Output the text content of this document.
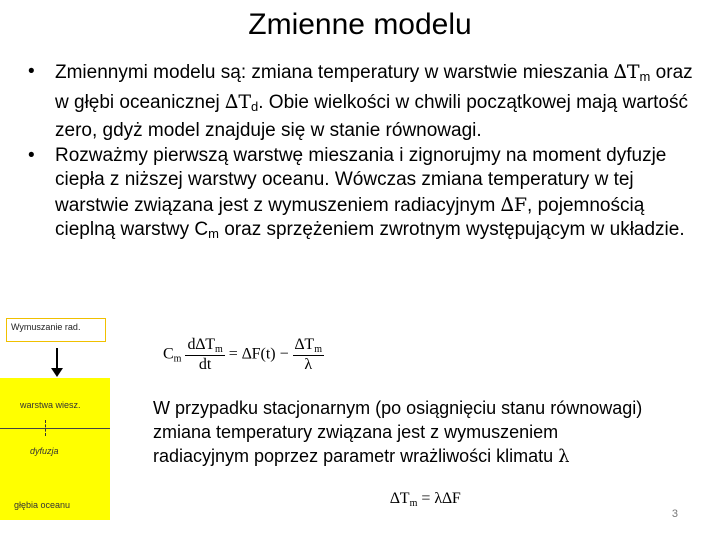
Zmienne modelu
• Zmiennymi modelu są: zmiana temperatury w warstwie mieszania $\Delta T_m$ oraz w głębi oceanicznej $\Delta T_d$. Obie wielkości w chwili początkowej mają wartość zero, gdyż model znajduje się w stanie równowagi.
• Rozważmy pierwszą warstwę mieszania i zignorujmy na moment dyfuzje ciepła z niższej warstwy oceanu. Wówczas zmiana temperatury w tej warstwie związana jest z wymuszeniem radiacyjnym ∆F, pojemnością cieplną warstwy $C_m$ oraz sprzężeniem zwrotnym występującym w układzie.
Wymuszanie rad.
warstwa wiesz.
dyfuzja
głębia oceanu
Cm $\frac{d\Delta Tm}{dt} = \Delta F(t) - \frac{\Delta Tm}{\lambda}$
W przypadku stacjonarnym (po osiągnięciu stanu równowagi) zmiana temperatury związana jest z wymuszeniem radiacyjnym poprzez parametr wrażliwości klimatu λ
∆Tm = λ∆F
3
